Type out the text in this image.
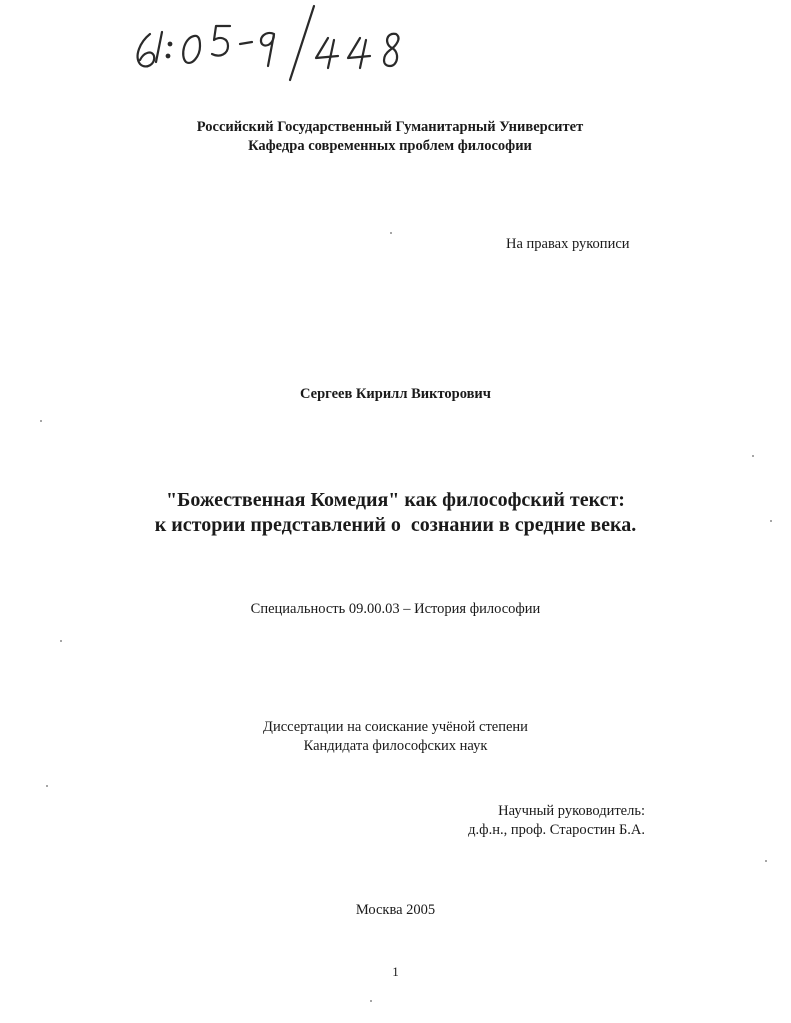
Российский Государственный Гуманитарный Университет
Кафедра современных проблем философии
На правах рукописи
Сергеев Кирилл Викторович
"Божественная Комедия" как философский текст:
к истории представлений о  сознании в средние века.
Специальность 09.00.03 – История философии
Диссертации на соискание учёной степени
Кандидата философских наук
Научный руководитель:
д.ф.н., проф. Старостин Б.А.
Москва 2005
1
